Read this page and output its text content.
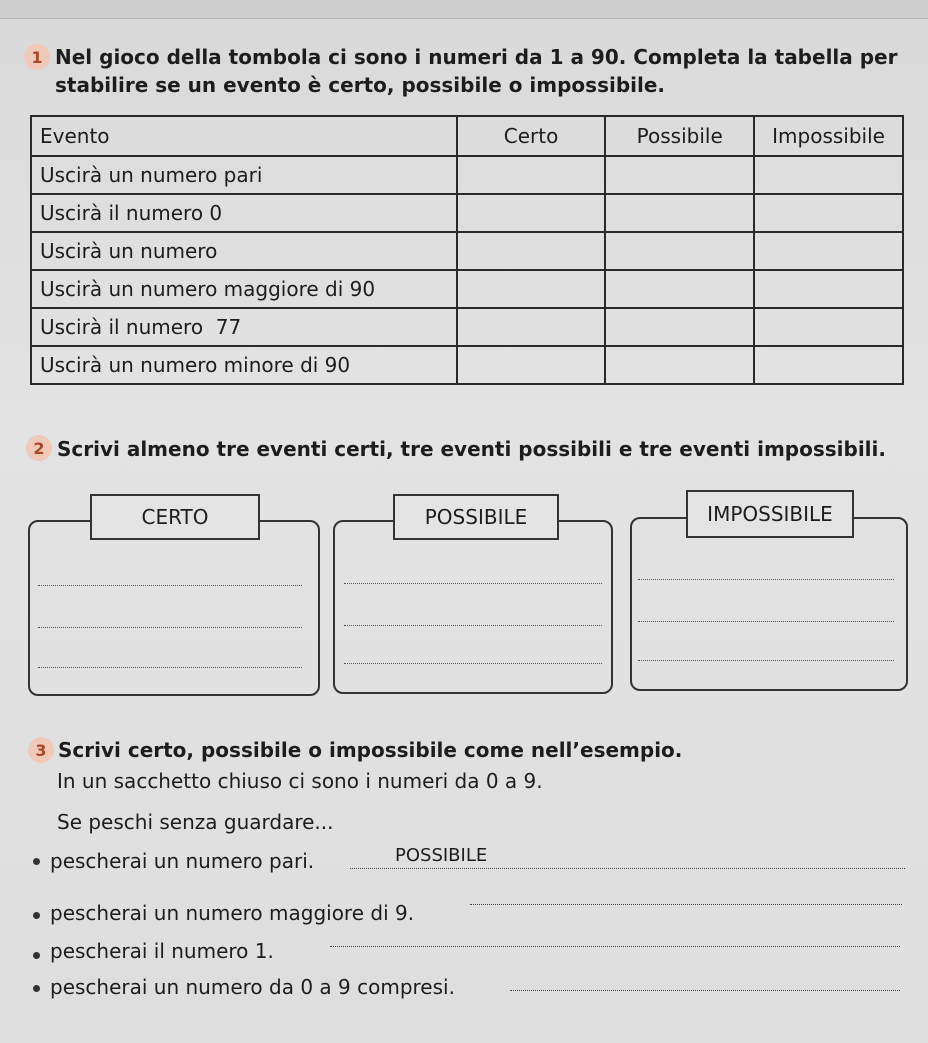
1 Nel gioco della tombola ci sono i numeri da 1 a 90. Completa la tabella per
stabilire se un evento è certo, possibile o impossibile.
Evento	Certo	Possibile	Impossibile
Uscirà un numero pari			
Uscirà il numero 0			
Uscirà un numero			
Uscirà un numero maggiore di 90			
Uscirà il numero  77			
Uscirà un numero minore di 90			
2 Scrivi almeno tre eventi certi, tre eventi possibili e tre eventi impossibili.
CERTO	POSSIBILE	IMPOSSIBILE
3 Scrivi certo, possibile o impossibile come nell’esempio.
In un sacchetto chiuso ci sono i numeri da 0 a 9.
Se peschi senza guardare...
pescherai un numero pari.	POSSIBILE
pescherai un numero maggiore di 9.
pescherai il numero 1.
pescherai un numero da 0 a 9 compresi.
